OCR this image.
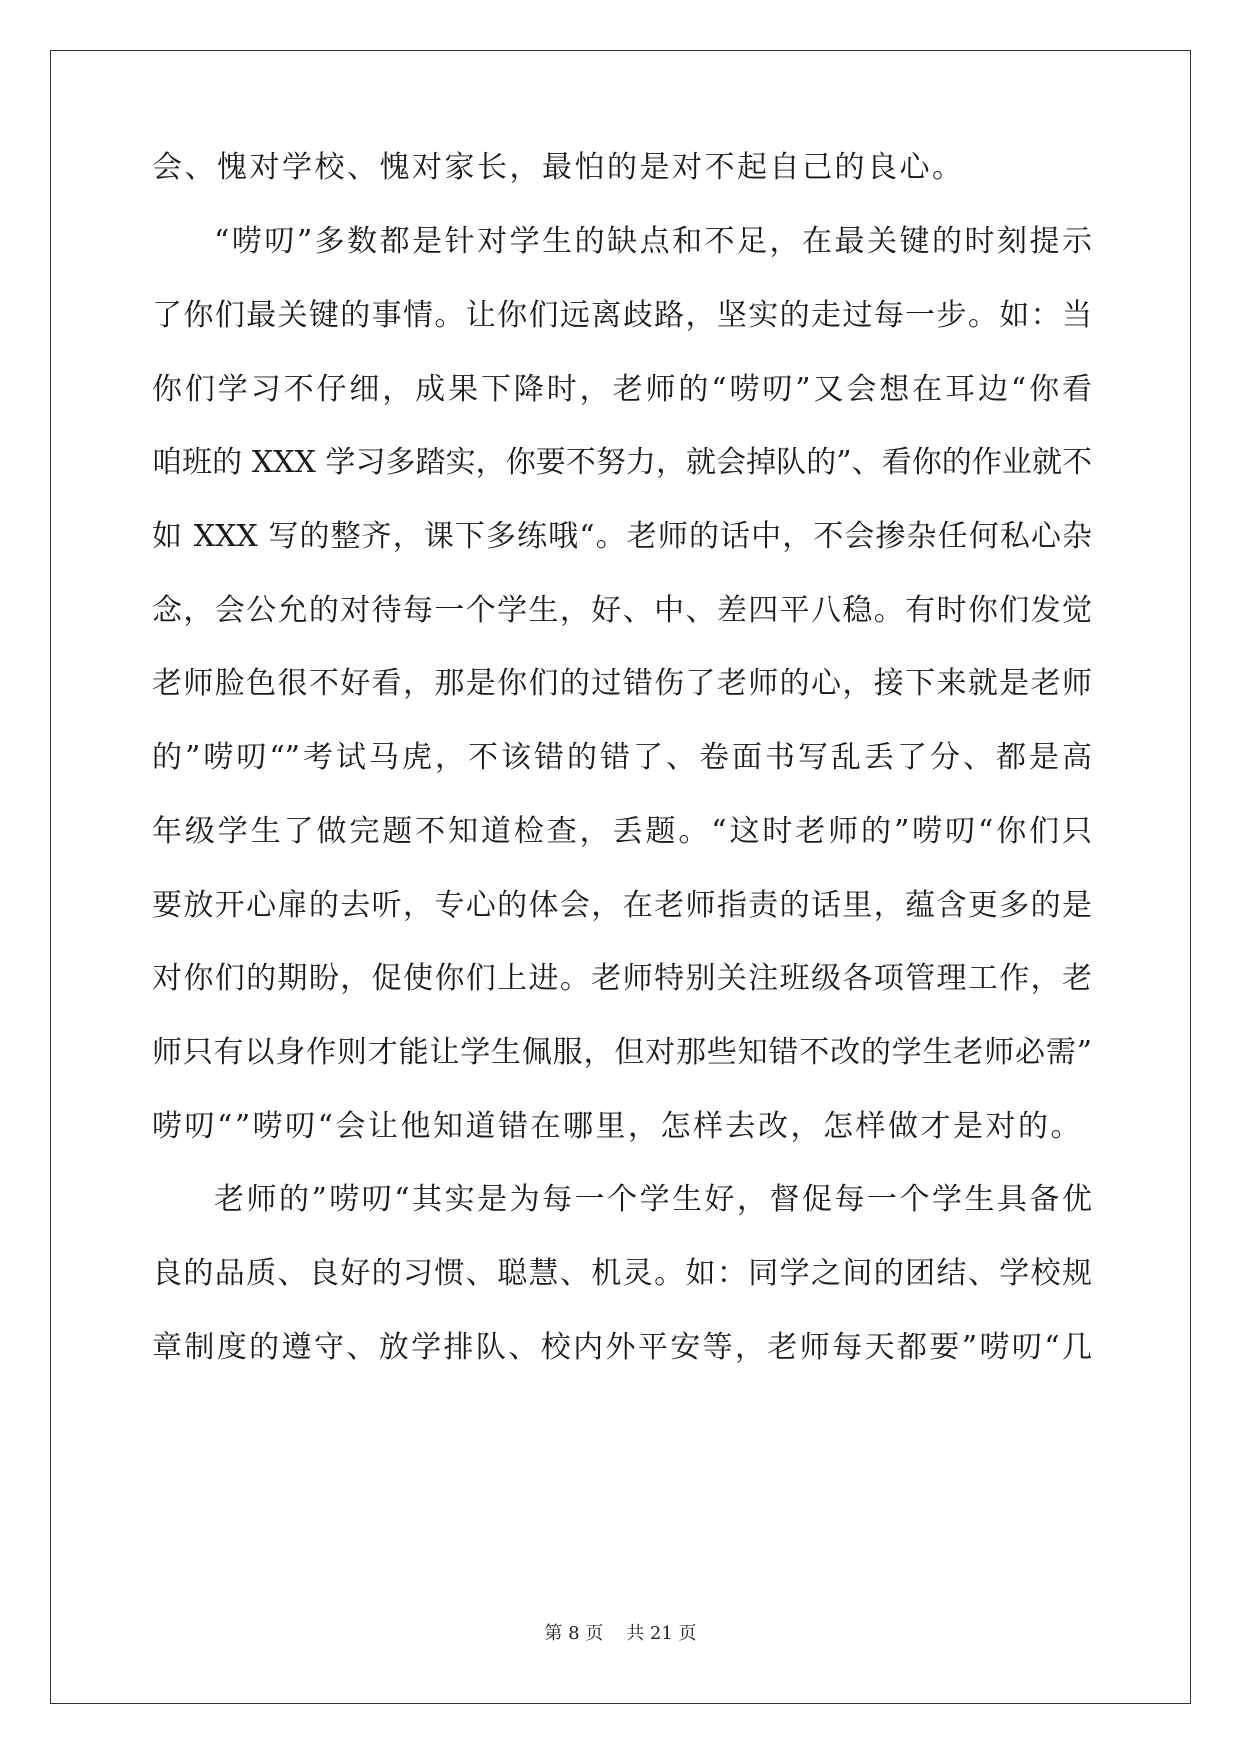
会、愧对学校、愧对家长，最怕的是对不起自己的良心。
“唠叨”多数都是针对学生的缺点和不足，在最关键的时刻提示
了你们最关键的事情。让你们远离歧路，坚实的走过每一步。如：当
你们学习不仔细，成果下降时，老师的“唠叨”又会想在耳边“你看
咱班的 XXX 学习多踏实，你要不努力，就会掉队的”、看你的作业就不
如 XXX 写的整齐，课下多练哦“。老师的话中，不会掺杂任何私心杂
念，会公允的对待每一个学生，好、中、差四平八稳。有时你们发觉
老师脸色很不好看，那是你们的过错伤了老师的心，接下来就是老师
的”唠叨“”考试马虎，不该错的错了、卷面书写乱丢了分、都是高
年级学生了做完题不知道检查，丢题。“这时老师的”唠叨“你们只
要放开心扉的去听，专心的体会，在老师指责的话里，蕴含更多的是
对你们的期盼，促使你们上进。老师特别关注班级各项管理工作，老
师只有以身作则才能让学生佩服，但对那些知错不改的学生老师必需”
唠叨“”唠叨“会让他知道错在哪里，怎样去改，怎样做才是对的。
老师的”唠叨“其实是为每一个学生好，督促每一个学生具备优
良的品质、良好的习惯、聪慧、机灵。如：同学之间的团结、学校规
章制度的遵守、放学排队、校内外平安等，老师每天都要”唠叨“几
第 8 页    共 21 页
